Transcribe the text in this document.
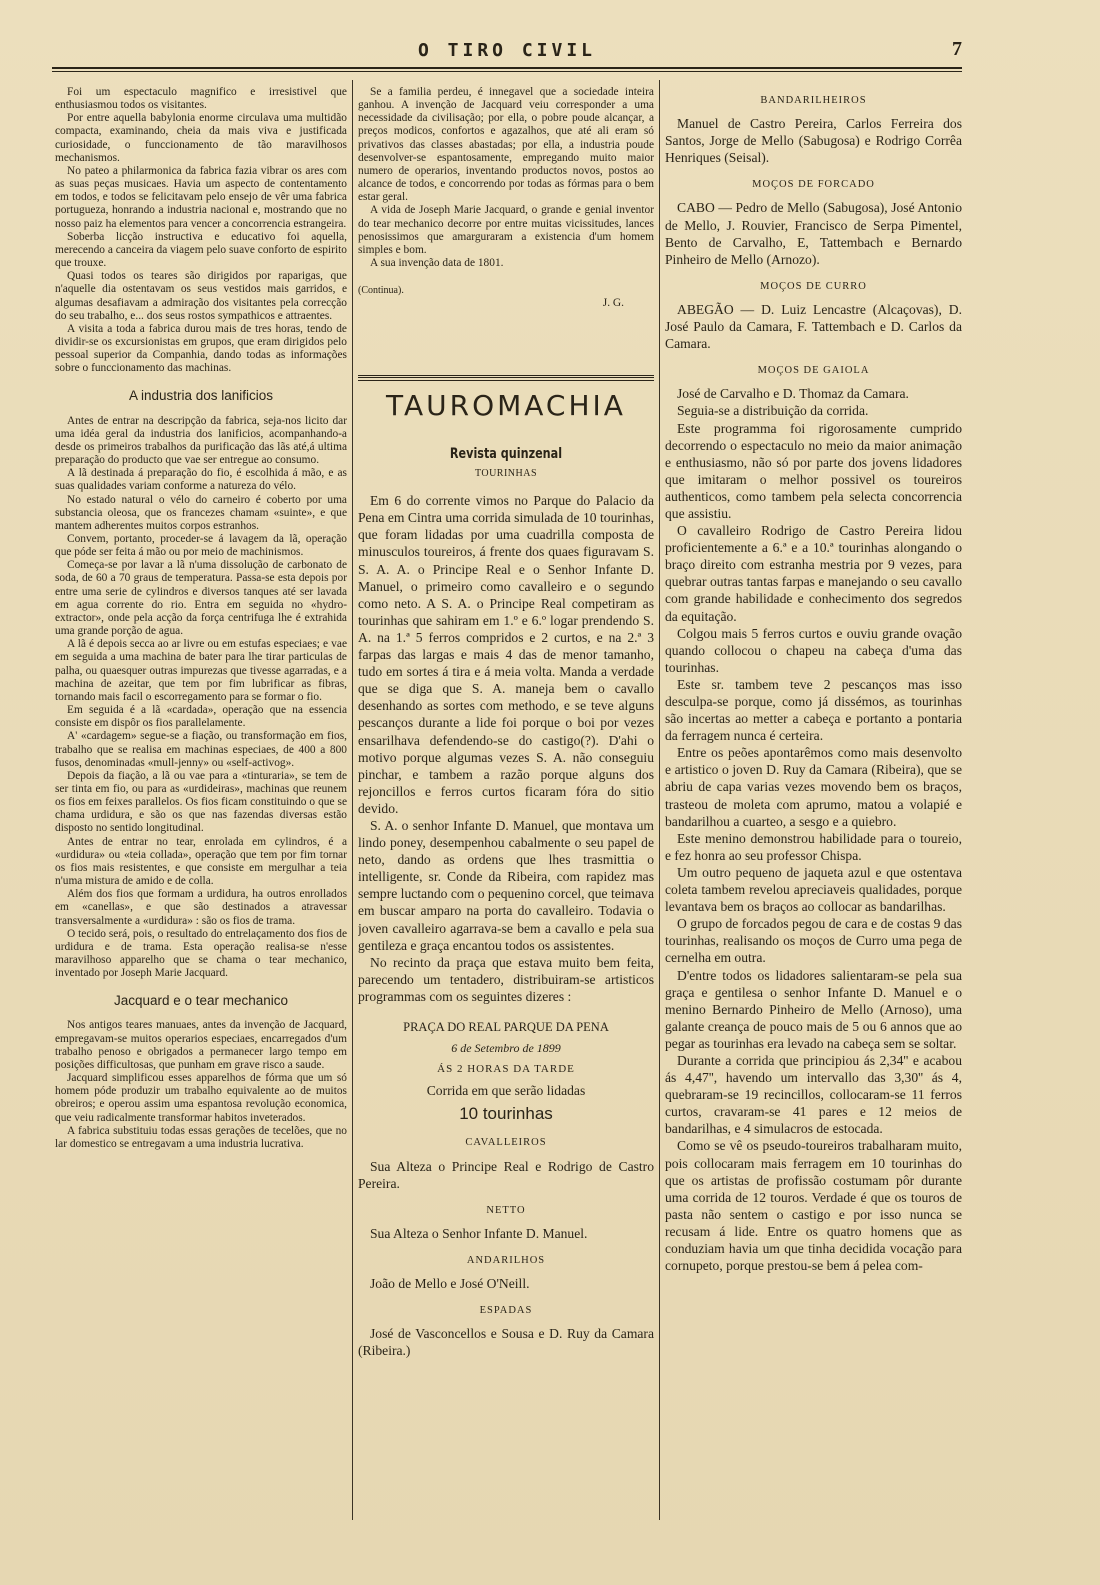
O TIRO CIVIL	7

Foi um espectaculo magnifico e irresistivel que enthusiasmou todos os visitantes.

Por entre aquella babylonia enorme circulava uma multidão compacta, examinando, cheia da mais viva e justificada curiosidade, o funccionamento de tão maravilhosos mechanismos.

No pateo a philarmonica da fabrica fazia vibrar os ares com as suas peças musicaes. Havia um aspecto de contentamento em todos, e todos se felicitavam pelo ensejo de vêr uma fabrica portugueza, honrando a industria nacional e, mostrando que no nosso paiz ha elementos para vencer a concorrencia estrangeira.

Soberba licção instructiva e educativo foi aquella, merecendo a canceira da viagem pelo suave conforto de espirito que trouxe.

Quasi todos os teares são dirigidos por raparigas, que n'aquelle dia ostentavam os seus vestidos mais garridos, e algumas desafiavam a admiração dos visitantes pela correcção do seu trabalho, e... dos seus rostos sympathicos e attraentes.

A visita a toda a fabrica durou mais de tres horas, tendo de dividir-se os excursionistas em grupos, que eram dirigidos pelo pessoal superior da Companhia, dando todas as informações sobre o funccionamento das machinas.

A industria dos lanificios

Antes de entrar na descripção da fabrica, seja-nos licito dar uma idéa geral da industria dos lanificios, acompanhando-a desde os primeiros trabalhos da purificação das lãs até,á ultima preparação do producto que vae ser entregue ao consumo.

A lã destinada á preparação do fio, é escolhida á mão, e as suas qualidades variam conforme a natureza do vélo.

No estado natural o vélo do carneiro é coberto por uma substancia oleosa, que os francezes chamam «suinte», e que mantem adherentes muitos corpos estranhos.

Convem, portanto, proceder-se á lavagem da lã, operação que póde ser feita á mão ou por meio de machinismos.

Começa-se por lavar a lã n'uma dissolução de carbonato de soda, de 60 a 70 graus de temperatura. Passa-se esta depois por entre uma serie de cylindros e diversos tanques até ser lavada em agua corrente do rio. Entra em seguida no «hydro-extractor», onde pela acção da força centrifuga lhe é extrahida uma grande porção de agua.

A lã é depois secca ao ar livre ou em estufas especiaes; e vae em seguida a uma machina de bater para lhe tirar particulas de palha, ou quaesquer outras impurezas que tivesse agarradas, e a machina de azeitar, que tem por fim lubrificar as fibras, tornando mais facil o escorregamento para se formar o fio.

Em seguida é a lã «cardada», operação que na essencia consiste em dispôr os fios parallelamente.

A' «cardagem» segue-se a fiação, ou transformação em fios, trabalho que se realisa em machinas especiaes, de 400 a 800 fusos, denominadas «mull-jenny» ou «self-activog».

Depois da fiação, a lã ou vae para a «tinturaria», se tem de ser tinta em fio, ou para as «urdideiras», machinas que reunem os fios em feixes parallelos. Os fios ficam constituindo o que se chama urdidura, e são os que nas fazendas diversas estão disposto no sentido longitudinal.

Antes de entrar no tear, enrolada em cylindros, é a «urdidura» ou «teia collada», operação que tem por fim tornar os fios mais resistentes, e que consiste em mergulhar a teia n'uma mistura de amido e de colla.

Além dos fios que formam a urdidura, ha outros enrollados em «canellas», e que são destinados a atravessar transversalmente a «urdidura» : são os fios de trama.

O tecido será, pois, o resultado do entrelaçamento dos fios de urdidura e de trama. Esta operação realisa-se n'esse maravilhoso apparelho que se chama o tear mechanico, inventado por Joseph Marie Jacquard.

Jacquard e o tear mechanico

Nos antigos teares manuaes, antes da invenção de Jacquard, empregavam-se muitos operarios especiaes, encarregados d'um trabalho penoso e obrigados a permanecer largo tempo em posições difficultosas, que punham em grave risco a saude.

Jacquard simplificou esses apparelhos de fórma que um só homem póde produzir um trabalho equivalente ao de muitos obreiros; e operou assim uma espantosa revolução economica, que veiu radicalmente transformar habitos inveterados.

A fabrica substituiu todas essas gerações de tecelões, que no lar domestico se entregavam a uma industria lucrativa.

Se a familia perdeu, é innegavel que a sociedade inteira ganhou. A invenção de Jacquard veiu corresponder a uma necessidade da civilisação; por ella, o pobre poude alcançar, a preços modicos, confortos e agazalhos, que até ali eram só privativos das classes abastadas; por ella, a industria poude desenvolver-se espantosamente, empregando muito maior numero de operarios, inventando productos novos, postos ao alcance de todos, e concorrendo por todas as fórmas para o bem estar geral.

A vida de Joseph Marie Jacquard, o grande e genial inventor do tear mechanico decorre por entre muitas vicissitudes, lances penosissimos que amarguraram a existencia d'um homem simples e bom.

A sua invenção data de 1801.

(Continua).
J. G.
TAUROMACHIA
Revista quinzenal
TOURINHAS

Em 6 do corrente vimos no Parque do Palacio da Pena em Cintra uma corrida simulada de 10 tourinhas, que foram lidadas por uma cuadrilla composta de minusculos toureiros, á frente dos quaes figuravam S. S. A. A. o Principe Real e o Senhor Infante D. Manuel, o primeiro como cavalleiro e o segundo como neto. A S. A. o Principe Real competiram as tourinhas que sahiram em 1.º e 6.º logar prendendo S. A. na 1.ª 5 ferros compridos e 2 curtos, e na 2.ª 3 farpas das largas e mais 4 das de menor tamanho, tudo em sortes á tira e á meia volta. Manda a verdade que se diga que S. A. maneja bem o cavallo desenhando as sortes com methodo, e se teve alguns pescanços durante a lide foi porque o boi por vezes ensarilhava defendendo-se do castigo(?). D'ahi o motivo porque algumas vezes S. A. não conseguiu pinchar, e tambem a razão porque alguns dos rejoncillos e ferros curtos ficaram fóra do sitio devido.

S. A. o senhor Infante D. Manuel, que montava um lindo poney, desempenhou cabalmente o seu papel de neto, dando as ordens que lhes trasmittia o intelligente, sr. Conde da Ribeira, com rapidez mas sempre luctando com o pequenino corcel, que teimava em buscar amparo na porta do cavalleiro. Todavia o joven cavalleiro agarrava-se bem a cavallo e pela sua gentileza e graça encantou todos os assistentes.

No recinto da praça que estava muito bem feita, parecendo um tentadero, distribuiram-se artisticos programmas com os seguintes dizeres :

PRAÇA DO REAL PARQUE DA PENA
6 de Setembro de 1899
ÁS 2 HORAS DA TARDE
Corrida em que serão lidadas
10 tourinhas
CAVALLEIROS

Sua Alteza o Principe Real e Rodrigo de Castro Pereira.

NETTO

Sua Alteza o Senhor Infante D. Manuel.

ANDARILHOS

João de Mello e José O'Neill.

ESPADAS

José de Vasconcellos e Sousa e D. Ruy da Camara (Ribeira.)

BANDARILHEIROS

Manuel de Castro Pereira, Carlos Ferreira dos Santos, Jorge de Mello (Sabugosa) e Rodrigo Corrêa Henriques (Seisal).

MOÇOS DE FORCADO

CABO — Pedro de Mello (Sabugosa), José Antonio de Mello, J. Rouvier, Francisco de Serpa Pimentel, Bento de Carvalho, E, Tattembach e Bernardo Pinheiro de Mello (Arnozo).

MOÇOS DE CURRO

ABEGÃO — D. Luiz Lencastre (Alcaçovas), D. José Paulo da Camara, F. Tattembach e D. Carlos da Camara.

MOÇOS DE GAIOLA

José de Carvalho e D. Thomaz da Camara.

Seguia-se a distribuição da corrida.

Este programma foi rigorosamente cumprido decorrendo o espectaculo no meio da maior animação e enthusiasmo, não só por parte dos jovens lidadores que imitaram o melhor possivel os toureiros authenticos, como tambem pela selecta concorrencia que assistiu.

O cavalleiro Rodrigo de Castro Pereira lidou proficientemente a 6.ª e a 10.ª tourinhas alongando o braço direito com estranha mestria por 9 vezes, para quebrar outras tantas farpas e manejando o seu cavallo com grande habilidade e conhecimento dos segredos da equitação.

Colgou mais 5 ferros curtos e ouviu grande ovação quando collocou o chapeu na cabeça d'uma das tourinhas.

Este sr. tambem teve 2 pescanços mas isso desculpa-se porque, como já dissémos, as tourinhas são incertas ao metter a cabeça e portanto a pontaria da ferragem nunca é certeira.

Entre os peões apontarêmos como mais desenvolto e artistico o joven D. Ruy da Camara (Ribeira), que se abriu de capa varias vezes movendo bem os braços, trasteou de moleta com aprumo, matou a volapié e bandarilhou a cuarteo, a sesgo e a quiebro.

Este menino demonstrou habilidade para o toureio, e fez honra ao seu professor Chispa.

Um outro pequeno de jaqueta azul e que ostentava coleta tambem revelou apreciaveis qualidades, porque levantava bem os braços ao collocar as bandarilhas.

O grupo de forcados pegou de cara e de costas 9 das tourinhas, realisando os moços de Curro uma pega de cernelha em outra.

D'entre todos os lidadores salientaram-se pela sua graça e gentilesa o senhor Infante D. Manuel e o menino Bernardo Pinheiro de Mello (Arnoso), uma galante creança de pouco mais de 5 ou 6 annos que ao pegar as tourinhas era levado na cabeça sem se soltar.

Durante a corrida que principiou ás 2,34'' e acabou ás 4,47'', havendo um intervallo das 3,30'' ás 4, quebraram-se 19 recincillos, collocaram-se 11 ferros curtos, cravaram-se 41 pares e 12 meios de bandarilhas, e 4 simulacros de estocada.

Como se vê os pseudo-toureiros trabalharam muito, pois collocaram mais ferragem em 10 tourinhas do que os artistas de profissão costumam pôr durante uma corrida de 12 touros. Verdade é que os touros de pasta não sentem o castigo e por isso nunca se recusam á lide. Entre os quatro homens que as conduziam havia um que tinha decidida vocação para cornupeto, porque prestou-se bem á pelea com-
